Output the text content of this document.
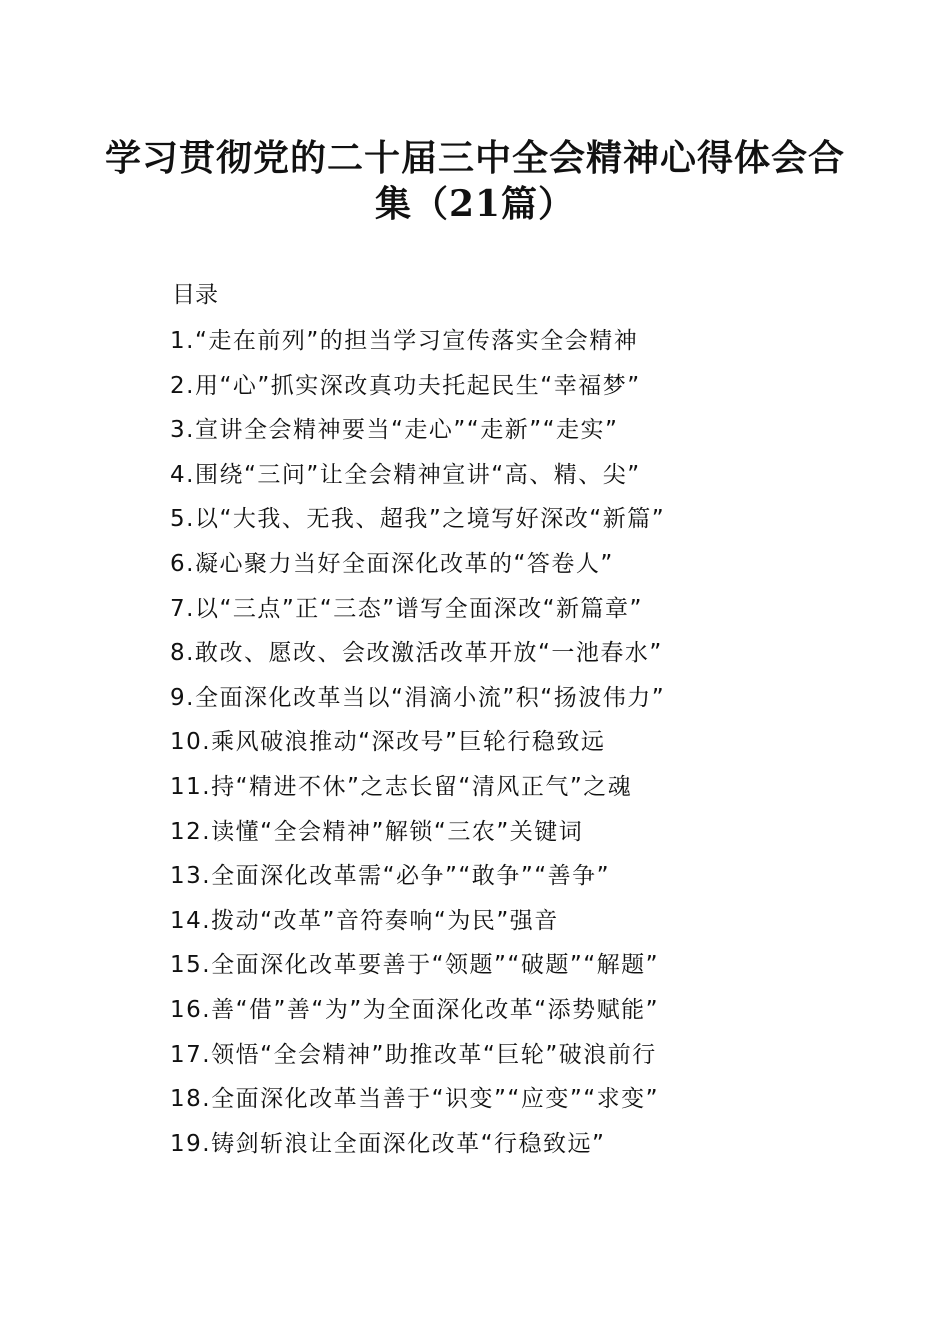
学习贯彻党的二十届三中全会精神心得体会合
集（21篇）
目录
1.“走在前列”的担当学习宣传落实全会精神
2.用“心”抓实深改真功夫托起民生“幸福梦”
3.宣讲全会精神要当“走心”“走新”“走实”
4.围绕“三问”让全会精神宣讲“高、精、尖”
5.以“大我、无我、超我”之境写好深改“新篇”
6.凝心聚力当好全面深化改革的“答卷人”
7.以“三点”正“三态”谱写全面深改“新篇章”
8.敢改、愿改、会改激活改革开放“一池春水”
9.全面深化改革当以“涓滴小流”积“扬波伟力”
10.乘风破浪推动“深改号”巨轮行稳致远
11.持“精进不休”之志长留“清风正气”之魂
12.读懂“全会精神”解锁“三农”关键词
13.全面深化改革需“必争”“敢争”“善争”
14.拨动“改革”音符奏响“为民”强音
15.全面深化改革要善于“领题”“破题”“解题”
16.善“借”善“为”为全面深化改革“添势赋能”
17.领悟“全会精神”助推改革“巨轮”破浪前行
18.全面深化改革当善于“识变”“应变”“求变”
19.铸剑斩浪让全面深化改革“行稳致远”
